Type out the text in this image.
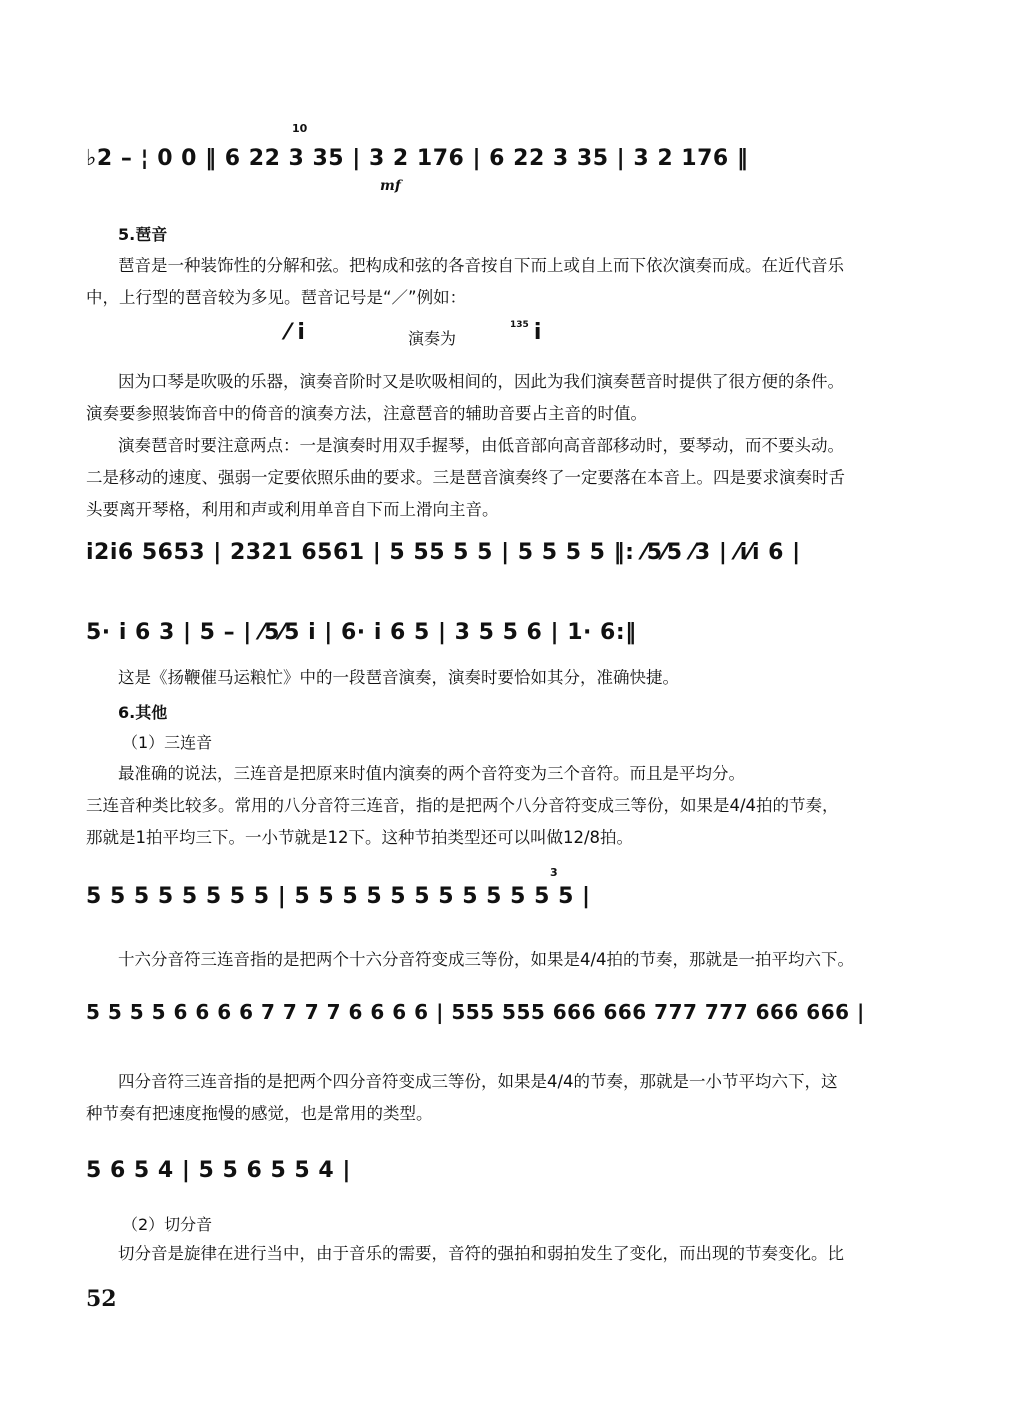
10
♭2 – ¦ 0 0 ‖ 6 22 3 35 | 3 2 176 | 6 22 3 35 | 3 2 176 ‖
mf
5.琶音
琶音是一种装饰性的分解和弦。把构成和弦的各音按自下而上或自上而下依次演奏而成。在近代音乐
中，上行型的琶音较为多见。琶音记号是“／”例如：
⁄ i	演奏为
$^{135}$ i
因为口琴是吹吸的乐器，演奏音阶时又是吹吸相间的，因此为我们演奏琶音时提供了很方便的条件。
演奏要参照装饰音中的倚音的演奏方法，注意琶音的辅助音要占主音的时值。
演奏琶音时要注意两点：一是演奏时用双手握琴，由低音部向高音部移动时，要琴动，而不要头动。
二是移动的速度、强弱一定要依照乐曲的要求。三是琶音演奏终了一定要落在本音上。四是要求演奏时舌
头要离开琴格，利用和声或利用单音自下而上滑向主音。
i2i6 5653 | 2321 6561 | 5 55 5 5 | 5 5 5 5 ‖: ⁄5⁄5 ⁄3 | ⁄i⁄i 6 |
5· i 6 3 | 5 – | ⁄5⁄5 i | 6· i 6 5 | 3 5 5 6 | 1· 6:‖
这是《扬鞭催马运粮忙》中的一段琶音演奏，演奏时要恰如其分，准确快捷。
6.其他
（1）三连音
最准确的说法，三连音是把原来时值内演奏的两个音符变为三个音符。而且是平均分。
三连音种类比较多。常用的八分音符三连音，指的是把两个八分音符变成三等份，如果是4/4拍的节奏，
那就是1拍平均三下。一小节就是12下。这种节拍类型还可以叫做12/8拍。
3
5 5 5 5 5 5 5 5 | 5 5 5 5 5 5 5 5 5 5 5 5 |
十六分音符三连音指的是把两个十六分音符变成三等份，如果是4/4拍的节奏，那就是一拍平均六下。
5 5 5 5 6 6 6 6 7 7 7 7 6 6 6 6 | 555 555 666 666 777 777 666 666 |
四分音符三连音指的是把两个四分音符变成三等份，如果是4/4的节奏，那就是一小节平均六下，这
种节奏有把速度拖慢的感觉，也是常用的类型。
5 6 5 4 | 5 5 6 5 5 4 |
（2）切分音
切分音是旋律在进行当中，由于音乐的需要，音符的强拍和弱拍发生了变化，而出现的节奏变化。比
52
